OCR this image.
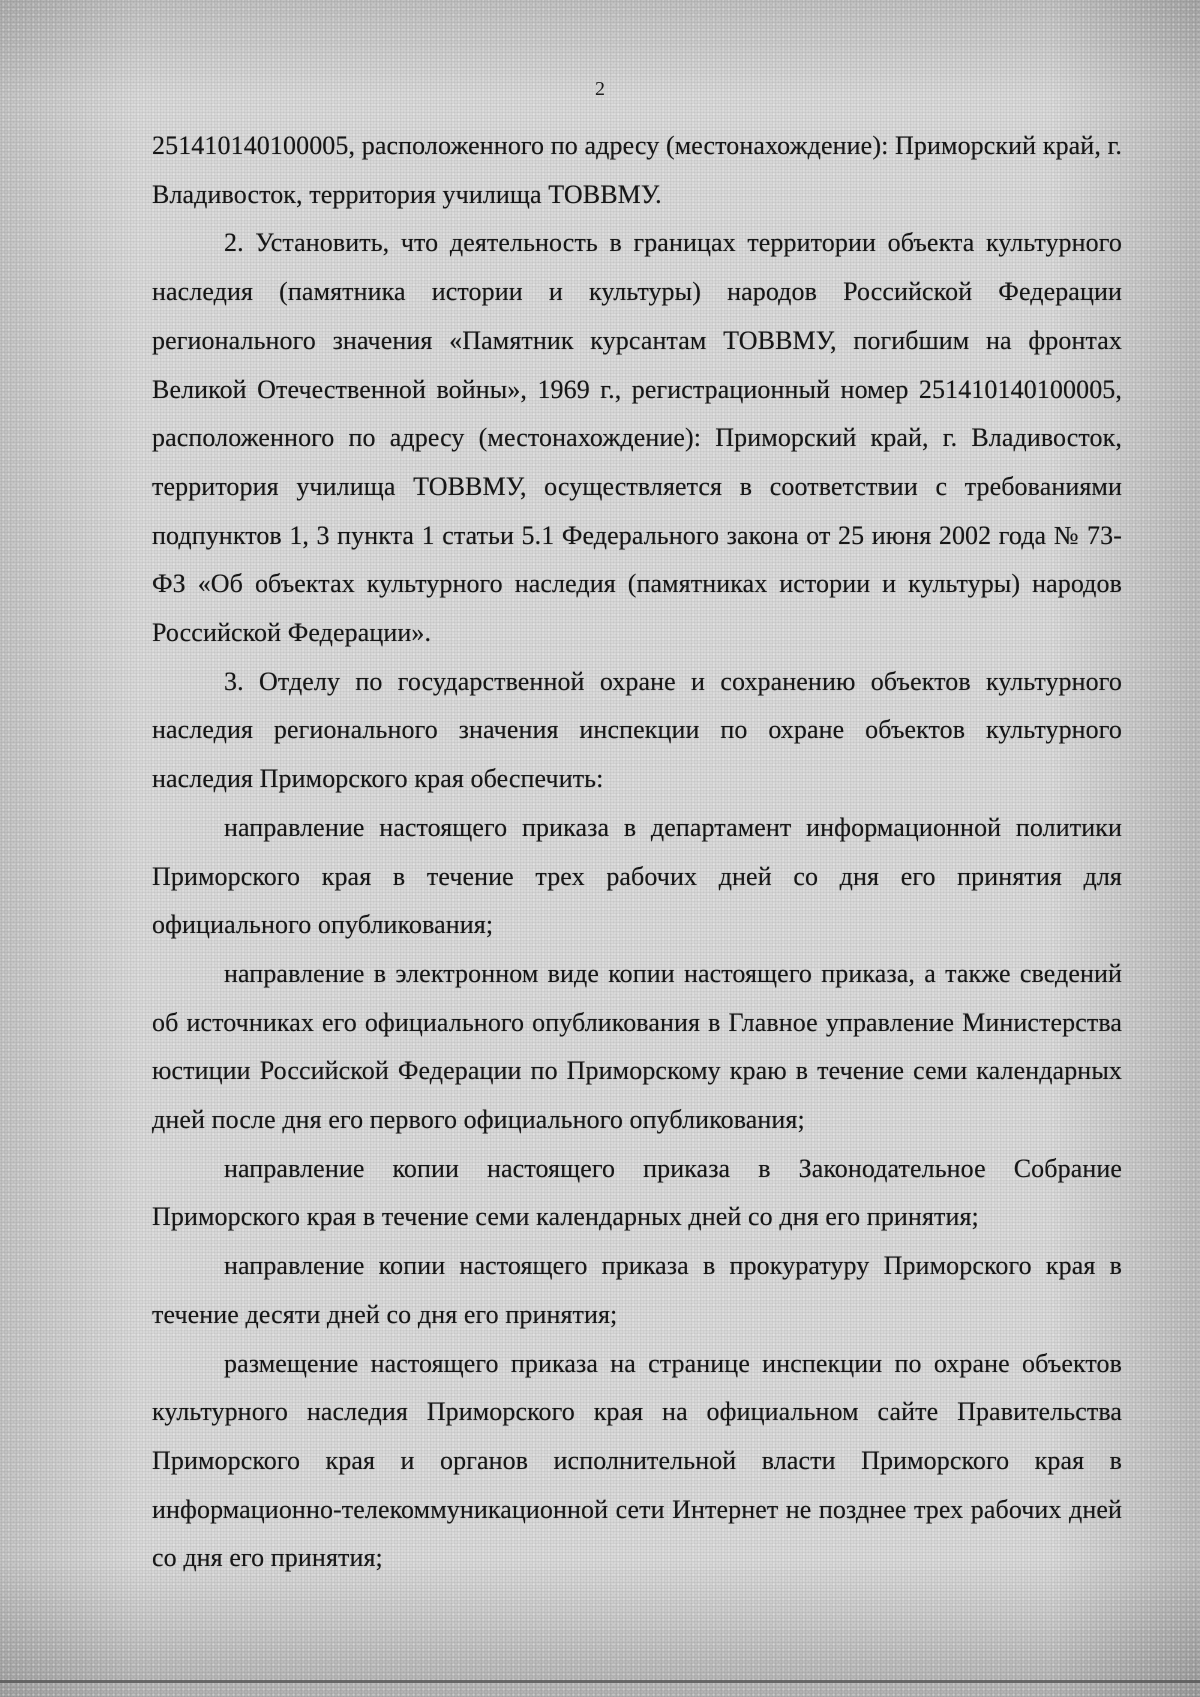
2

251410140100005, расположенного по адресу (местонахождение): Приморский край, г. Владивосток, территория училища ТОВВМУ.

2. Установить, что деятельность в границах территории объекта культурного наследия (памятника истории и культуры) народов Российской Федерации регионального значения «Памятник курсантам ТОВВМУ, погибшим на фронтах Великой Отечественной войны», 1969 г., регистрационный номер 251410140100005, расположенного по адресу (местонахождение): Приморский край, г. Владивосток, территория училища ТОВВМУ, осуществляется в соответствии с требованиями подпунктов 1, 3 пункта 1 статьи 5.1 Федерального закона от 25 июня 2002 года № 73-ФЗ «Об объектах культурного наследия (памятниках истории и культуры) народов Российской Федерации».

3. Отделу по государственной охране и сохранению объектов культурного наследия регионального значения инспекции по охране объектов культурного наследия Приморского края обеспечить:

направление настоящего приказа в департамент информационной политики Приморского края в течение трех рабочих дней со дня его принятия для официального опубликования;

направление в электронном виде копии настоящего приказа, а также сведений об источниках его официального опубликования в Главное управление Министерства юстиции Российской Федерации по Приморскому краю в течение семи календарных дней после дня его первого официального опубликования;

направление копии настоящего приказа в Законодательное Собрание Приморского края в течение семи календарных дней со дня его принятия;

направление копии настоящего приказа в прокуратуру Приморского края в течение десяти дней со дня его принятия;

размещение настоящего приказа на странице инспекции по охране объектов культурного наследия Приморского края на официальном сайте Правительства Приморского края и органов исполнительной власти Приморского края в информационно-телекоммуникационной сети Интернет не позднее трех рабочих дней со дня его принятия;
